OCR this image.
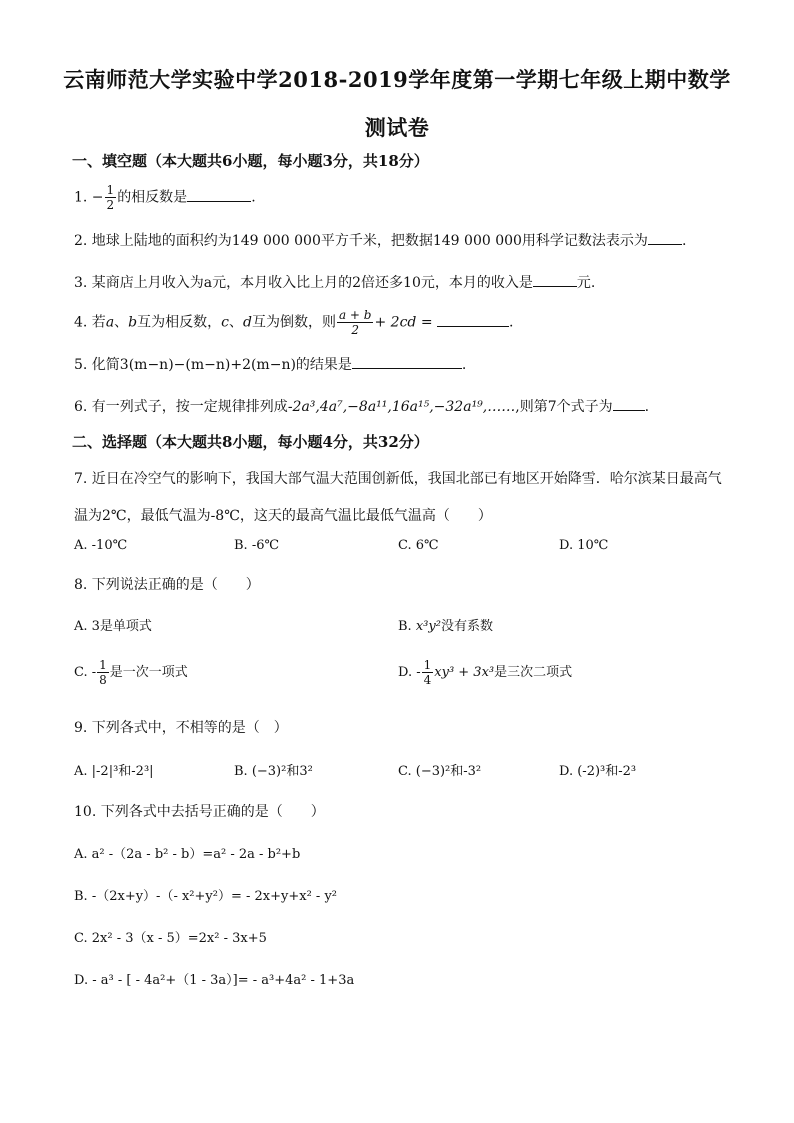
云南师范大学实验中学2018-2019学年度第一学期七年级上期中数学
测试卷
一、填空题（本大题共6小题，每小题3分，共18分）
1. − $\frac{1}{2}$ 的相反数是	.
2. 地球上陆地的面积约为149 000 000平方千米，把数据149 000 000用科学记数法表示为 .
3. 某商店上月收入为a元，本月收入比上月的2倍还多10元，本月的收入是	元.
4. 若a、b互为相反数，c、d互为倒数，则 $\frac{a + b}{2} + 2cd$ =	.
5. 化简3(m−n)−(m−n)+2(m−n)的结果是	.
6. 有一列式子，按一定规律排列成-2a³,4a⁷,−8a¹¹,16a¹⁵,−32a¹⁹,……,则第7个式子为 .
二、选择题（本大题共8小题，每小题4分，共32分）
7. 近日在冷空气的影响下，我国大部气温大范围创新低，我国北部已有地区开始降雪．哈尔滨某日最高气
温为2℃，最低气温为-8℃，这天的最高气温比最低气温高（　　）
A. -10℃	B. -6℃	C. 6℃	D. 10℃
8. 下列说法正确的是（　　）
A. 3是单项式	B. x³y²没有系数
C. - $\frac{1}{8}$ 是一次一项式	D. - $\frac{1}{4} xy^3 + 3x^3$是三次二项式
9. 下列各式中，不相等的是（　）
A. |-2|³和-2³|	B. (−3)²和3²	C. (−3)²和-3²	D. (-2)³和-2³
10. 下列各式中去括号正确的是（　　）
A. a² -（2a - b² - b）=a² - 2a - b²+b
B. -（2x+y）-（- x²+y²）= - 2x+y+x² - y²
C. 2x² - 3（x - 5）=2x² - 3x+5
D. - a³ - [ - 4a²+（1 - 3a）]= - a³+4a² - 1+3a
